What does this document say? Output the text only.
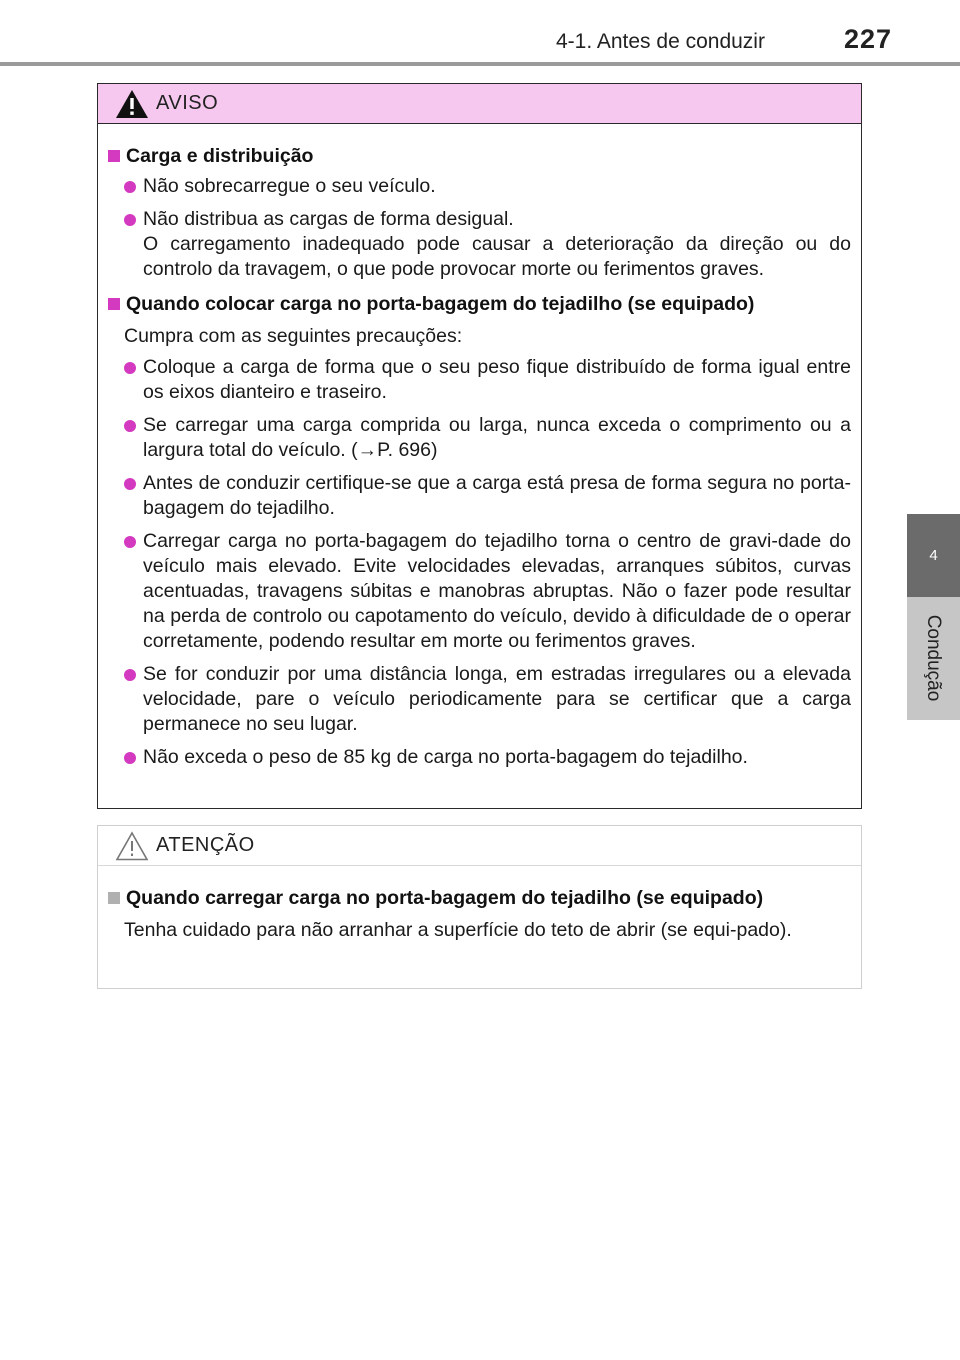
4-1. Antes de conduzir	227
4
Condução
AVISO
Carga e distribuição
Não sobrecarregue o seu veículo.
Não distribua as cargas de forma desigual.
O carregamento inadequado pode causar a deterioração da direção ou do controlo da travagem, o que pode provocar morte ou ferimentos graves.
Quando colocar carga no porta-bagagem do tejadilho (se equipado)
Cumpra com as seguintes precauções:
Coloque a carga de forma que o seu peso fique distribuído de forma igual entre os eixos dianteiro e traseiro.
Se carregar uma carga comprida ou larga, nunca exceda o comprimento ou a largura total do veículo. (→P. 696)
Antes de conduzir certifique-se que a carga está presa de forma segura no porta-bagagem do tejadilho.
Carregar carga no porta-bagagem do tejadilho torna o centro de gravi-dade do veículo mais elevado. Evite velocidades elevadas, arranques súbitos, curvas acentuadas, travagens súbitas e manobras abruptas. Não o fazer pode resultar na perda de controlo ou capotamento do veículo, devido à dificuldade de o operar corretamente, podendo resultar em morte ou ferimentos graves.
Se for conduzir por uma distância longa, em estradas irregulares ou a elevada velocidade, pare o veículo periodicamente para se certificar que a carga permanece no seu lugar.
Não exceda o peso de 85 kg de carga no porta-bagagem do tejadilho.
ATENÇÃO
Quando carregar carga no porta-bagagem do tejadilho (se equipado)
Tenha cuidado para não arranhar a superfície do teto de abrir (se equi-pado).
